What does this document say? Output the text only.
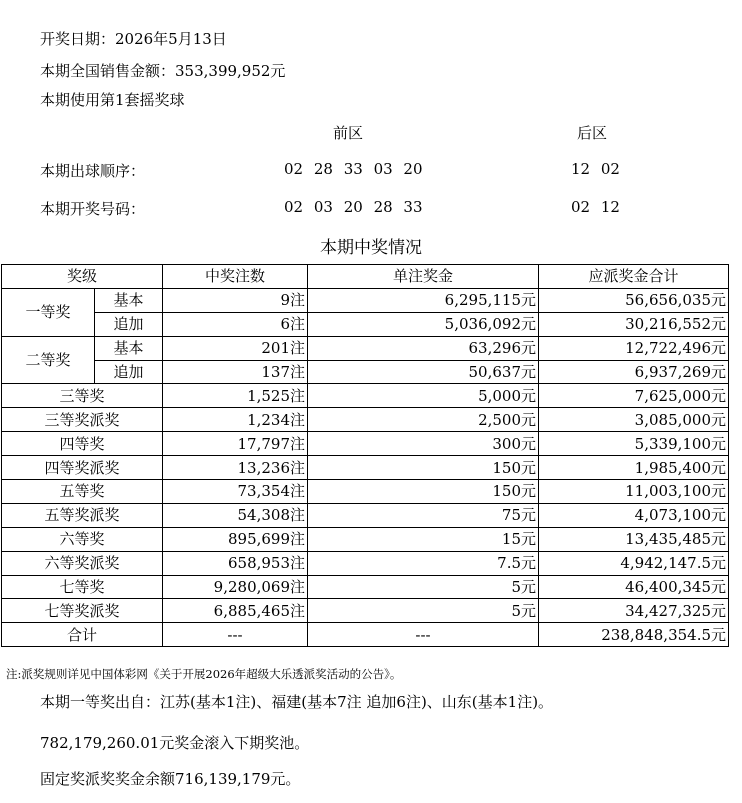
开奖日期：2026年5月13日
本期全国销售金额：353,399,952元
本期使用第1套摇奖球
前区	后区
本期出球顺序：	02 28 33 03 20	12 02
本期开奖号码：	02 03 20 28 33	02 12
本期中奖情况
奖级		中奖注数	单注奖金	应派奖金合计
一等奖	基本	9注	6,295,115元	56,656,035元
	追加	6注	5,036,092元	30,216,552元
二等奖	基本	201注	63,296元	12,722,496元
	追加	137注	50,637元	6,937,269元
三等奖		1,525注	5,000元	7,625,000元
三等奖派奖		1,234注	2,500元	3,085,000元
四等奖		17,797注	300元	5,339,100元
四等奖派奖		13,236注	150元	1,985,400元
五等奖		73,354注	150元	11,003,100元
五等奖派奖		54,308注	75元	4,073,100元
六等奖		895,699注	15元	13,435,485元
六等奖派奖		658,953注	7.5元	4,942,147.5元
七等奖		9,280,069注	5元	46,400,345元
七等奖派奖		6,885,465注	5元	34,427,325元
合计		---	---	238,848,354.5元
注:派奖规则详见中国体彩网《关于开展2026年超级大乐透派奖活动的公告》。
本期一等奖出自：江苏(基本1注)、福建(基本7注 追加6注)、山东(基本1注)。
782,179,260.01元奖金滚入下期奖池。
固定奖派奖奖金余额716,139,179元。
